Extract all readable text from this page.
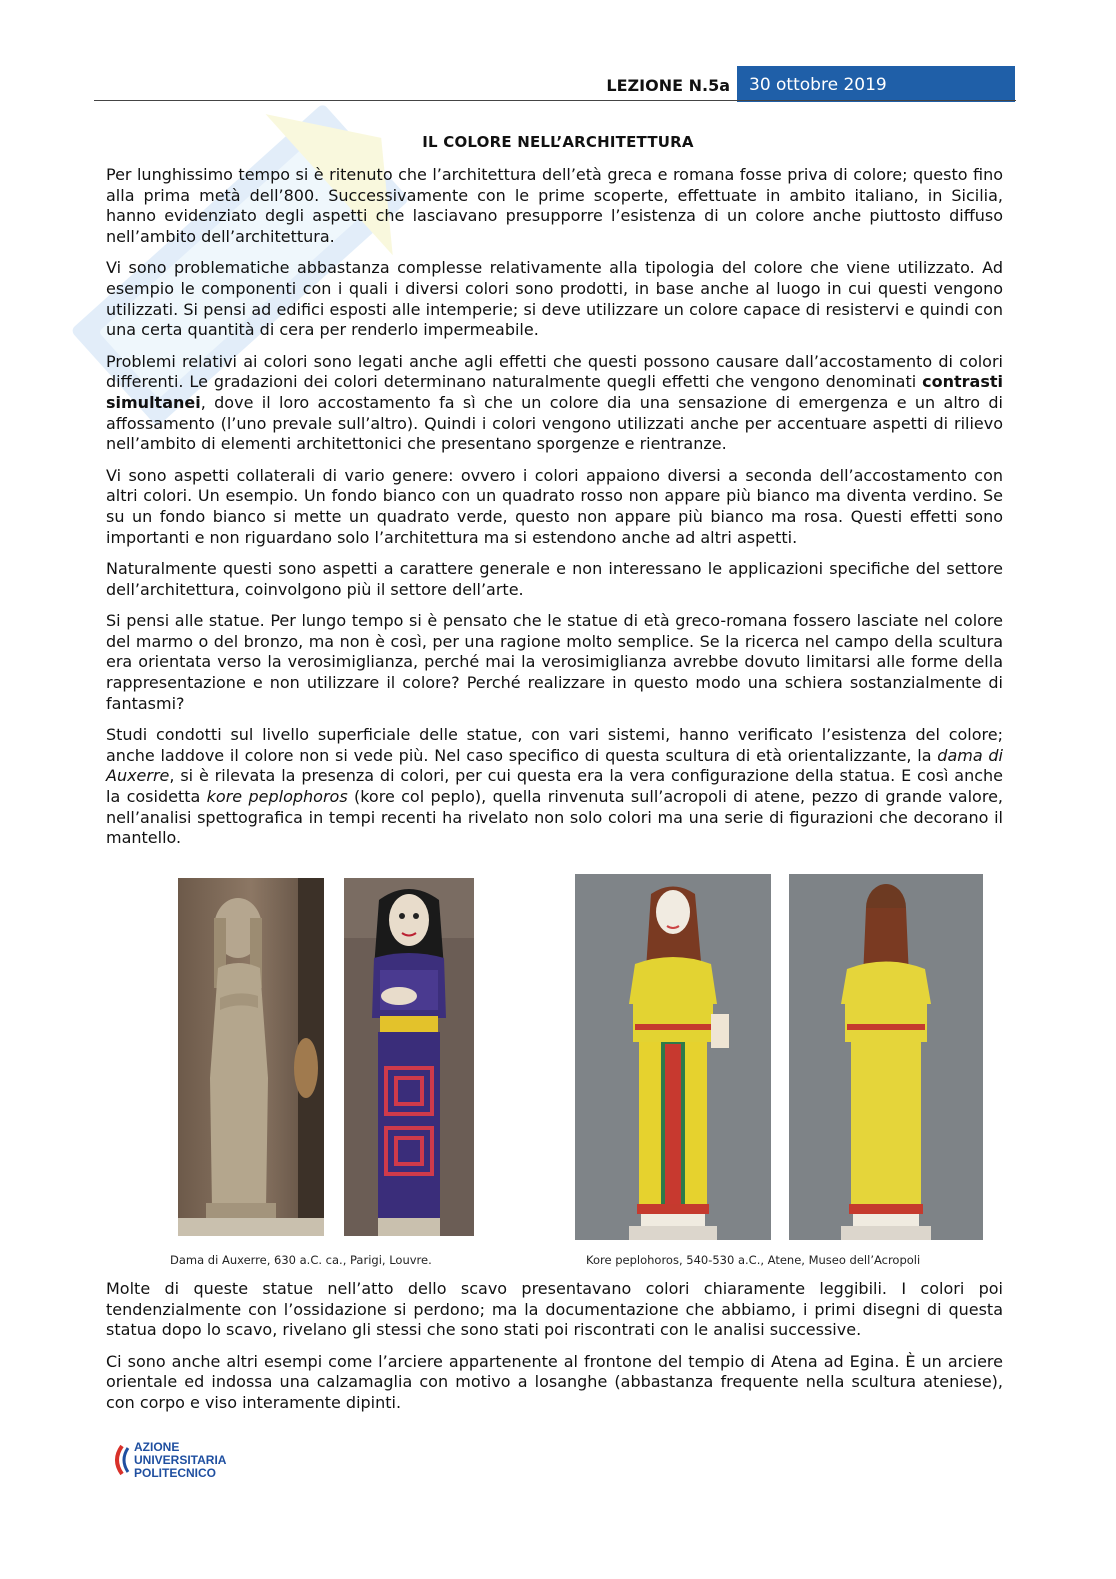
LEZIONE N.5a	30 ottobre 2019
IL COLORE NELL’ARCHITETTURA

Per lunghissimo tempo si è ritenuto che l’architettura dell’età greca e romana fosse priva di colore; questo fino alla prima metà dell’800. Successivamente con le prime scoperte, effettuate in ambito italiano, in Sicilia, hanno evidenziato degli aspetti che lasciavano presupporre l’esistenza di un colore anche piuttosto diffuso nell’ambito dell’architettura.

Vi sono problematiche abbastanza complesse relativamente alla tipologia del colore che viene utilizzato. Ad esempio le componenti con i quali i diversi colori sono prodotti, in base anche al luogo in cui questi vengono utilizzati. Si pensi ad edifici esposti alle intemperie; si deve utilizzare un colore capace di resistervi e quindi con una certa quantità di cera per renderlo impermeabile.

Problemi relativi ai colori sono legati anche agli effetti che questi possono causare dall’accostamento di colori differenti. Le gradazioni dei colori determinano naturalmente quegli effetti che vengono denominati contrasti simultanei, dove il loro accostamento fa sì che un colore dia una sensazione di emergenza e un altro di affossamento (l’uno prevale sull’altro). Quindi i colori vengono utilizzati anche per accentuare aspetti di rilievo nell’ambito di elementi architettonici che presentano sporgenze e rientranze.

Vi sono aspetti collaterali di vario genere: ovvero i colori appaiono diversi a seconda dell’accostamento con altri colori. Un esempio. Un fondo bianco con un quadrato rosso non appare più bianco ma diventa verdino. Se su un fondo bianco si mette un quadrato verde, questo non appare più bianco ma rosa. Questi effetti sono importanti e non riguardano solo l’architettura ma si estendono anche ad altri aspetti.

Naturalmente questi sono aspetti a carattere generale e non interessano le applicazioni specifiche del settore dell’architettura, coinvolgono più il settore dell’arte.

Si pensi alle statue. Per lungo tempo si è pensato che le statue di età greco-romana fossero lasciate nel colore del marmo o del bronzo, ma non è così, per una ragione molto semplice. Se la ricerca nel campo della scultura era orientata verso la verosimiglianza, perché mai la verosimiglianza avrebbe dovuto limitarsi alle forme della rappresentazione e non utilizzare il colore? Perché realizzare in questo modo una schiera sostanzialmente di fantasmi?

Studi condotti sul livello superficiale delle statue, con vari sistemi, hanno verificato l’esistenza del colore; anche laddove il colore non si vede più. Nel caso specifico di questa scultura di età orientalizzante, la dama di Auxerre, si è rilevata la presenza di colori, per cui questa era la vera configurazione della statua. E così anche la cosidetta kore peplophoros (kore col peplo), quella rinvenuta sull’acropoli di atene, pezzo di grande valore, nell’analisi spettografica in tempi recenti ha rivelato non solo colori ma una serie di figurazioni che decorano il mantello.

Dama di Auxerre, 630 a.C. ca., Parigi, Louvre.	Kore peplohoros, 540-530 a.C., Atene, Museo dell’Acropoli

Molte di queste statue nell’atto dello scavo presentavano colori chiaramente leggibili. I colori poi tendenzialmente con l’ossidazione si perdono; ma la documentazione che abbiamo, i primi disegni di questa statua dopo lo scavo, rivelano gli stessi che sono stati poi riscontrati con le analisi successive.

Ci sono anche altri esempi come l’arciere appartenente al frontone del tempio di Atena ad Egina. È un arciere orientale ed indossa una calzamaglia con motivo a losanghe (abbastanza frequente nella scultura ateniese), con corpo e viso interamente dipinti.

AZIONE
UNIVERSITARIA
POLITECNICO
